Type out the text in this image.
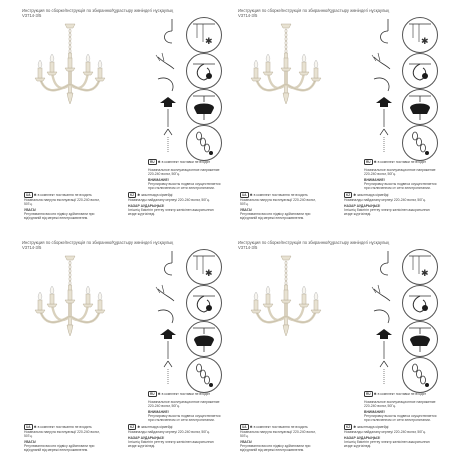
Инструкция по сборке/Інструкція по збиранню/Құрастыру жөніндегі нұсқаулық
V3714-3/5
✱
RU ✱ в комплект поставки не входят
Номинальное эксплуатационное напряжение 220-240 вольт, 50Гц.
ВНИМАНИЕ!
Регулировку высоты подвеса осуществляется при отключенном от сети электропитании.
UA ✱ в комплект постачання не входять	KZ ✱ жиынтыққа кірмейді
Номінальна напруга експлуатації 220-240 вольт, 50Гц.
УВАГА!
Регулювання висоти підвісу здійснювати при від'єднаній від мережі електроживлення.
Номиналды пайдалану кернеуі 220-240 вольт, 50Гц.
НАЗАР АУДАРЫҢЫЗ!
Ілгіштің биіктігін реттеу электр желісінен ажыратылған кезде жүргізіледі.
Инструкция по сборке/Інструкція по збиранню/Құрастыру жөніндегі нұсқаулық
V3714-3/5
✱
RU ✱ в комплект поставки не входят
Номинальное эксплуатационное напряжение 220-240 вольт, 50Гц.
ВНИМАНИЕ!
Регулировку высоты подвеса осуществляется при отключенном от сети электропитании.
UA ✱ в комплект постачання не входять	KZ ✱ жиынтыққа кірмейді
Номінальна напруга експлуатації 220-240 вольт, 50Гц.
УВАГА!
Регулювання висоти підвісу здійснювати при від'єднаній від мережі електроживлення.
Номиналды пайдалану кернеуі 220-240 вольт, 50Гц.
НАЗАР АУДАРЫҢЫЗ!
Ілгіштің биіктігін реттеу электр желісінен ажыратылған кезде жүргізіледі.
Инструкция по сборке/Інструкція по збиранню/Құрастыру жөніндегі нұсқаулық
V3714-3/5
✱
RU ✱ в комплект поставки не входят
Номинальное эксплуатационное напряжение 220-240 вольт, 50Гц.
ВНИМАНИЕ!
Регулировку высоты подвеса осуществляется при отключенном от сети электропитании.
UA ✱ в комплект постачання не входять	KZ ✱ жиынтыққа кірмейді
Номінальна напруга експлуатації 220-240 вольт, 50Гц.
УВАГА!
Регулювання висоти підвісу здійснювати при від'єднаній від мережі електроживлення.
Номиналды пайдалану кернеуі 220-240 вольт, 50Гц.
НАЗАР АУДАРЫҢЫЗ!
Ілгіштің биіктігін реттеу электр желісінен ажыратылған кезде жүргізіледі.
Инструкция по сборке/Інструкція по збиранню/Құрастыру жөніндегі нұсқаулық
V3714-3/5
✱
RU ✱ в комплект поставки не входят
Номинальное эксплуатационное напряжение 220-240 вольт, 50Гц.
ВНИМАНИЕ!
Регулировку высоты подвеса осуществляется при отключенном от сети электропитании.
UA ✱ в комплект постачання не входять	KZ ✱ жиынтыққа кірмейді
Номінальна напруга експлуатації 220-240 вольт, 50Гц.
УВАГА!
Регулювання висоти підвісу здійснювати при від'єднаній від мережі електроживлення.
Номиналды пайдалану кернеуі 220-240 вольт, 50Гц.
НАЗАР АУДАРЫҢЫЗ!
Ілгіштің биіктігін реттеу электр желісінен ажыратылған кезде жүргізіледі.
